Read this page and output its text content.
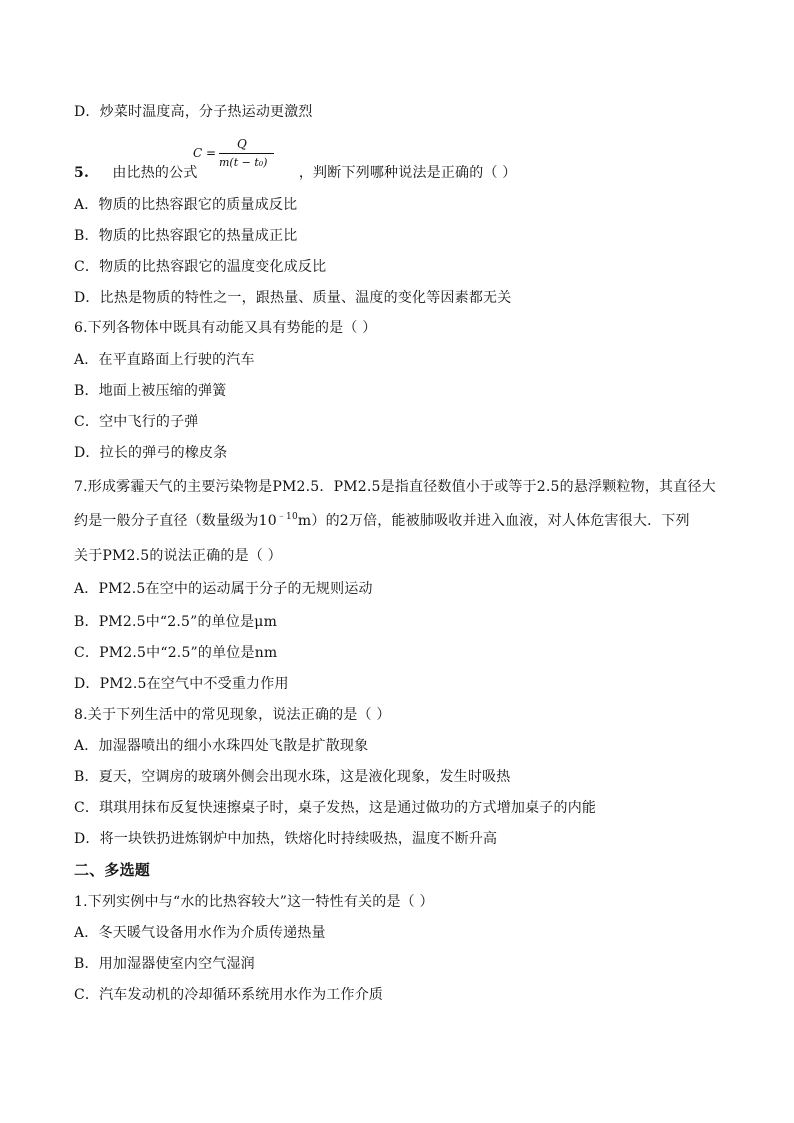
D．炒菜时温度高，分子热运动更激烈
C =
Q
m(t − t₀)
5. 由比热的公式	，判断下列哪种说法是正确的（ ）
A．物质的比热容跟它的质量成反比
B．物质的比热容跟它的热量成正比
C．物质的比热容跟它的温度变化成反比
D．比热是物质的特性之一，跟热量、质量、温度的变化等因素都无关
6.下列各物体中既具有动能又具有势能的是（ ）
A．在平直路面上行驶的汽车
B．地面上被压缩的弹簧
C．空中飞行的子弹
D．拉长的弹弓的橡皮条
7.形成雾霾天气的主要污染物是PM2.5．PM2.5是指直径数值小于或等于2.5的悬浮颗粒物，其直径大
约是一般分子直径（数量级为$10^{﹣10}m$）的2万倍，能被肺吸收并进入血液，对人体危害很大．下列
关于PM2.5的说法正确的是（ ）
A．PM2.5在空中的运动属于分子的无规则运动
B．PM2.5中“2.5”的单位是μm
C．PM2.5中“2.5”的单位是nm
D．PM2.5在空气中不受重力作用
8.关于下列生活中的常见现象，说法正确的是（ ）
A．加湿器喷出的细小水珠四处飞散是扩散现象
B．夏天，空调房的玻璃外侧会出现水珠，这是液化现象，发生时吸热
C．琪琪用抹布反复快速擦桌子时，桌子发热，这是通过做功的方式增加桌子的内能
D．将一块铁扔进炼钢炉中加热，铁熔化时持续吸热，温度不断升高
二、多选题
1.下列实例中与“水的比热容较大”这一特性有关的是（ ）
A．冬天暖气设备用水作为介质传递热量
B．用加湿器使室内空气湿润
C．汽车发动机的冷却循环系统用水作为工作介质
